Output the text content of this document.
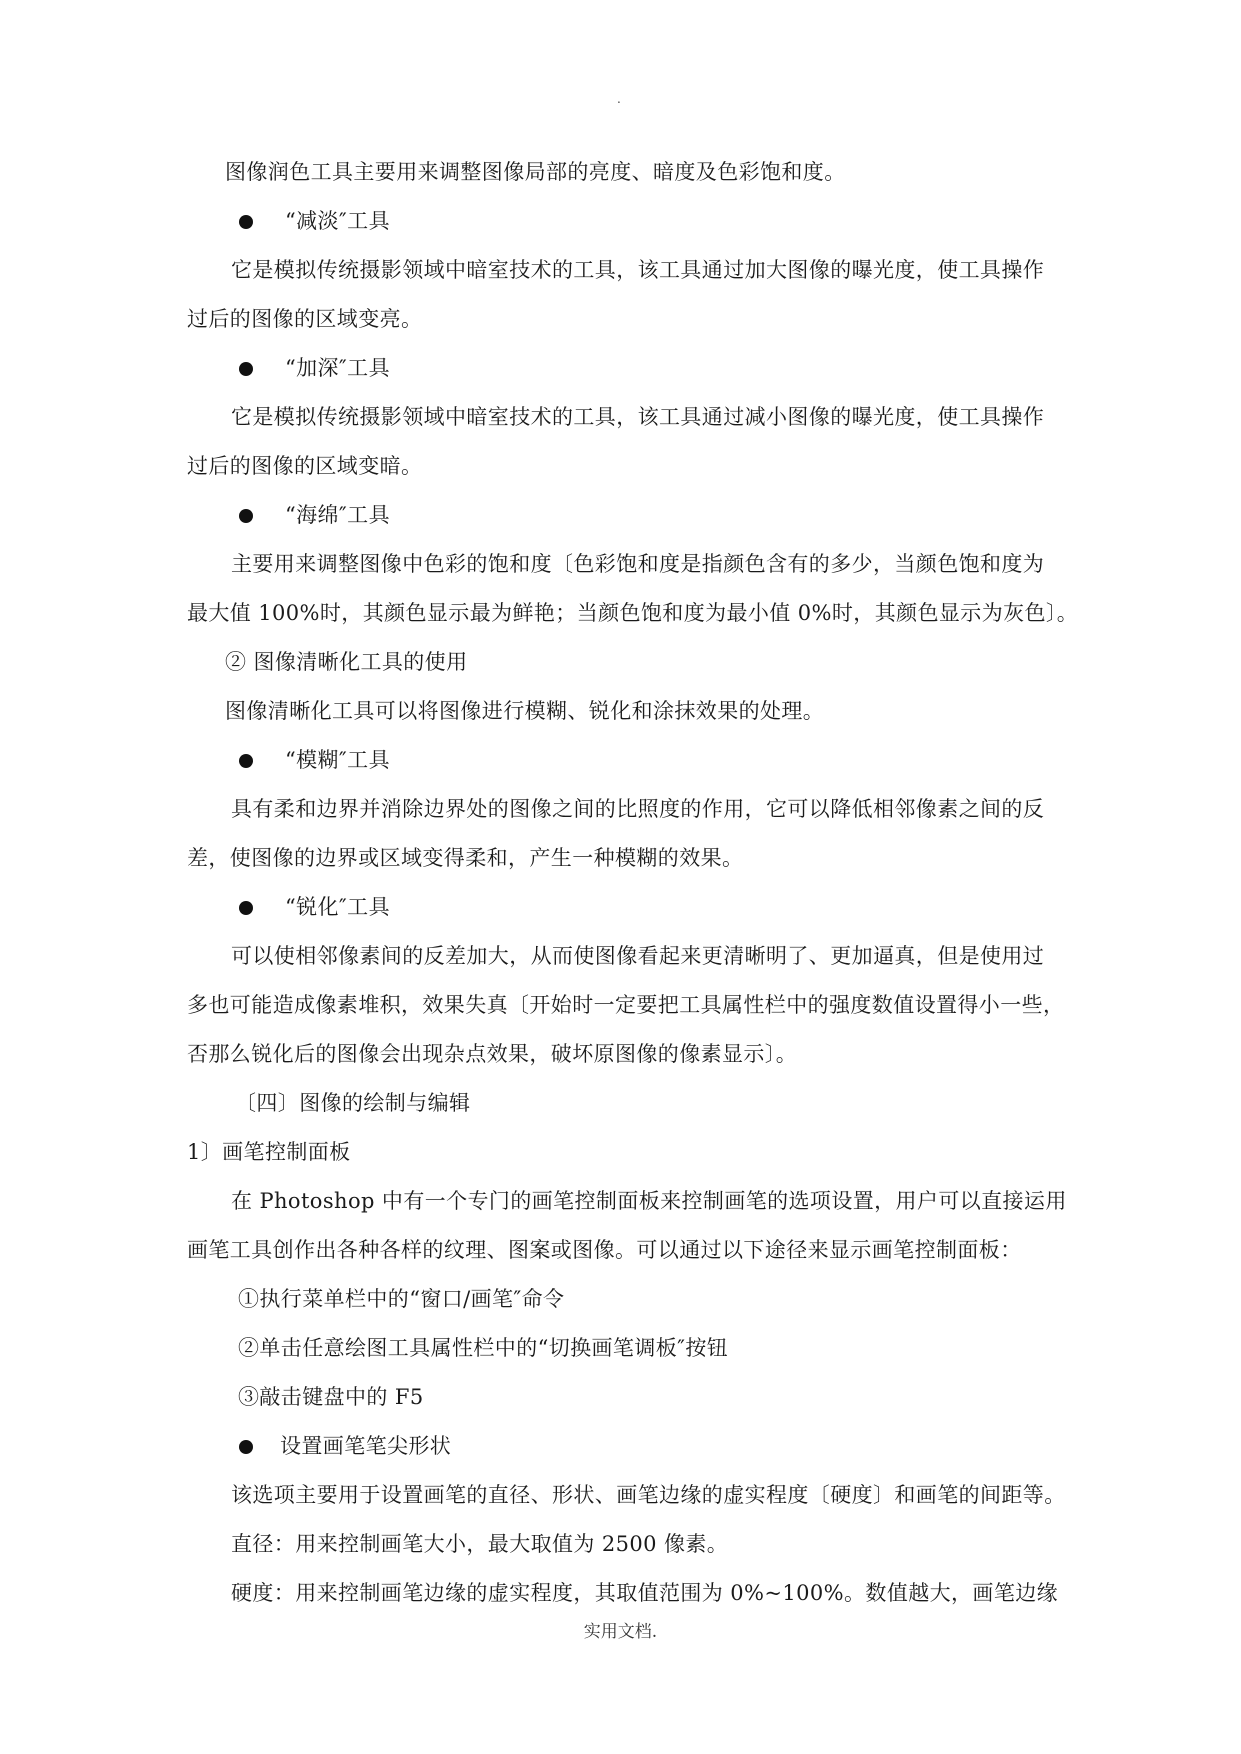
.
图像润色工具主要用来调整图像局部的亮度、暗度及色彩饱和度。
“减淡″工具
它是模拟传统摄影领域中暗室技术的工具，该工具通过加大图像的曝光度，使工具操作
过后的图像的区域变亮。
“加深″工具
它是模拟传统摄影领域中暗室技术的工具，该工具通过减小图像的曝光度，使工具操作
过后的图像的区域变暗。
“海绵″工具
主要用来调整图像中色彩的饱和度〔色彩饱和度是指颜色含有的多少，当颜色饱和度为
最大值 100%时，其颜色显示最为鲜艳；当颜色饱和度为最小值 0%时，其颜色显示为灰色〕。
② 图像清晰化工具的使用
图像清晰化工具可以将图像进行模糊、锐化和涂抹效果的处理。
“模糊″工具
具有柔和边界并消除边界处的图像之间的比照度的作用，它可以降低相邻像素之间的反
差，使图像的边界或区域变得柔和，产生一种模糊的效果。
“锐化″工具
可以使相邻像素间的反差加大，从而使图像看起来更清晰明了、更加逼真，但是使用过
多也可能造成像素堆积，效果失真〔开始时一定要把工具属性栏中的强度数值设置得小一些，
否那么锐化后的图像会出现杂点效果，破坏原图像的像素显示〕。
〔四〕图像的绘制与编辑
1〕画笔控制面板
在 Photoshop 中有一个专门的画笔控制面板来控制画笔的选项设置，用户可以直接运用
画笔工具创作出各种各样的纹理、图案或图像。可以通过以下途径来显示画笔控制面板：
①执行菜单栏中的“窗口/画笔″命令
②单击任意绘图工具属性栏中的“切换画笔调板″按钮
③敲击键盘中的 F5
设置画笔笔尖形状
该选项主要用于设置画笔的直径、形状、画笔边缘的虚实程度〔硬度〕和画笔的间距等。
直径：用来控制画笔大小，最大取值为 2500 像素。
硬度：用来控制画笔边缘的虚实程度，其取值范围为 0%~100%。数值越大，画笔边缘
实用文档.
